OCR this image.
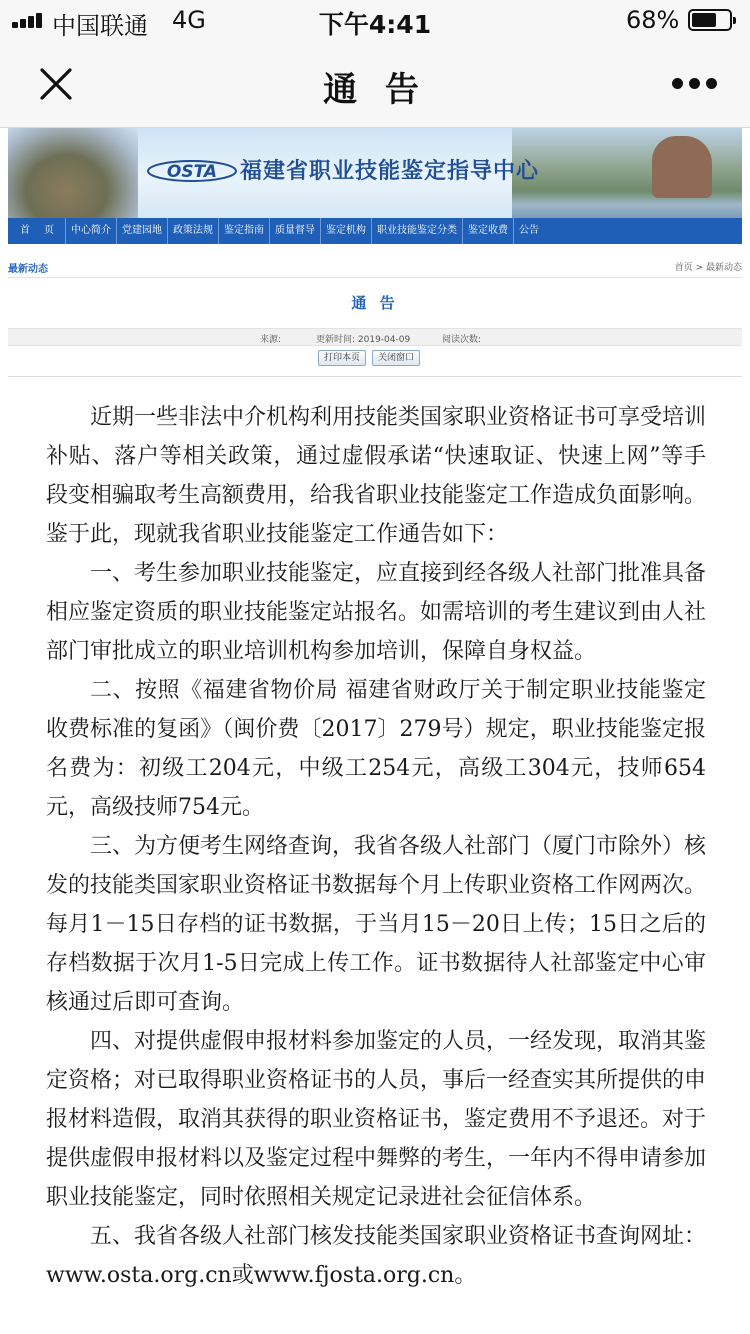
中国联通 4G	下午4:41	68%
通 告
OSTA 福建省职业技能鉴定指导中心
首页 中心简介	党建园地	政策法规	鉴定指南	质量督导	鉴定机构	职业技能鉴定分类	鉴定收费	公告
最新动态	首页 > 最新动态
通 告
来源:	更新时间: 2019-04-09	阅读次数:
打印本页	关闭窗口

近期一些非法中介机构利用技能类国家职业资格证书可享受培训补贴、落户等相关政策，通过虚假承诺“快速取证、快速上网”等手段变相骗取考生高额费用，给我省职业技能鉴定工作造成负面影响。鉴于此，现就我省职业技能鉴定工作通告如下：

一、考生参加职业技能鉴定，应直接到经各级人社部门批准具备相应鉴定资质的职业技能鉴定站报名。如需培训的考生建议到由人社部门审批成立的职业培训机构参加培训，保障自身权益。

二、按照《福建省物价局 福建省财政厅关于制定职业技能鉴定收费标准的复函》（闽价费〔2017〕279号）规定，职业技能鉴定报名费为：初级工204元，中级工254元，高级工304元，技师654元，高级技师754元。

三、为方便考生网络查询，我省各级人社部门（厦门市除外）核发的技能类国家职业资格证书数据每个月上传职业资格工作网两次。每月1－15日存档的证书数据，于当月15－20日上传；15日之后的存档数据于次月1-5日完成上传工作。证书数据待人社部鉴定中心审核通过后即可查询。

四、对提供虚假申报材料参加鉴定的人员，一经发现，取消其鉴定资格；对已取得职业资格证书的人员，事后一经查实其所提供的申报材料造假，取消其获得的职业资格证书，鉴定费用不予退还。对于提供虚假申报材料以及鉴定过程中舞弊的考生，一年内不得申请参加职业技能鉴定，同时依照相关规定记录进社会征信体系。

五、我省各级人社部门核发技能类国家职业资格证书查询网址：

www.osta.org.cn或www.fjosta.org.cn。
